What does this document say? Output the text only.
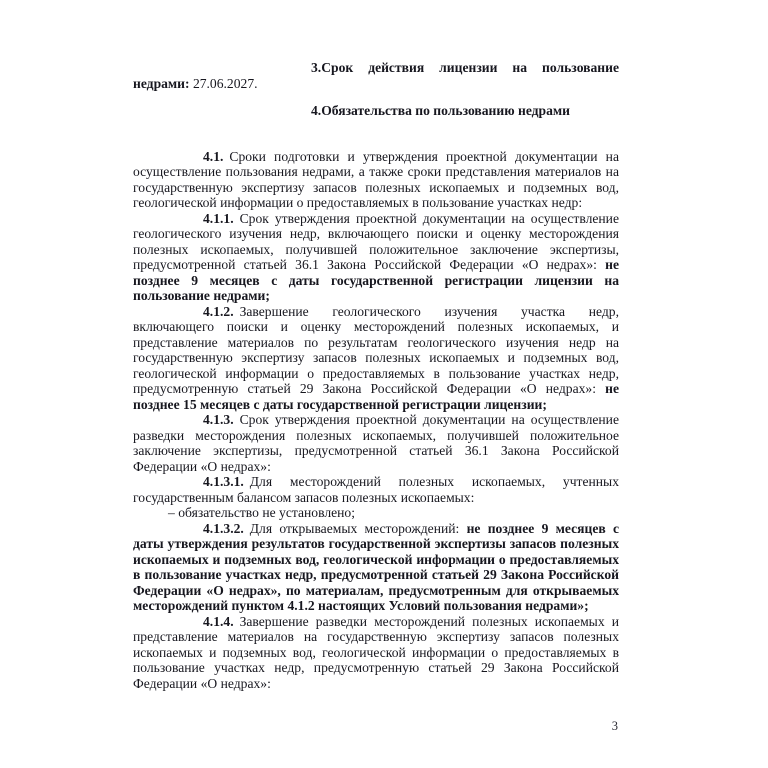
3.Срок действия лицензии на пользование недрами: 27.06.2027.

4.Обязательства по пользованию недрами

4.1. Сроки подготовки и утверждения проектной документации на осуществление пользования недрами, а также сроки представления материалов на государственную экспертизу запасов полезных ископаемых и подземных вод, геологической информации о предоставляемых в пользование участках недр:

4.1.1. Срок утверждения проектной документации на осуществление геологического изучения недр, включающего поиски и оценку месторождения полезных ископаемых, получившей положительное заключение экспертизы, предусмотренной статьей 36.1 Закона Российской Федерации «О недрах»: не позднее 9 месяцев с даты государственной регистрации лицензии на пользование недрами;

4.1.2. Завершение геологического изучения участка недр, включающего поиски и оценку месторождений полезных ископаемых, и представление материалов по результатам геологического изучения недр на государственную экспертизу запасов полезных ископаемых и подземных вод, геологической информации о предоставляемых в пользование участках недр, предусмотренную статьей 29 Закона Российской Федерации «О недрах»: не позднее 15 месяцев с даты государственной регистрации лицензии;

4.1.3. Срок утверждения проектной документации на осуществление разведки месторождения полезных ископаемых, получившей положительное заключение экспертизы, предусмотренной статьей 36.1 Закона Российской Федерации «О недрах»:

4.1.3.1. Для месторождений полезных ископаемых, учтенных государственным балансом запасов полезных ископаемых:

– обязательство не установлено;

4.1.3.2. Для открываемых месторождений: не позднее 9 месяцев с даты утверждения результатов государственной экспертизы запасов полезных ископаемых и подземных вод, геологической информации о предоставляемых в пользование участках недр, предусмотренной статьей 29 Закона Российской Федерации «О недрах», по материалам, предусмотренным для открываемых месторождений пунктом 4.1.2 настоящих Условий пользования недрами»;

4.1.4. Завершение разведки месторождений полезных ископаемых и представление материалов на государственную экспертизу запасов полезных ископаемых и подземных вод, геологической информации о предоставляемых в пользование участках недр, предусмотренную статьей 29 Закона Российской Федерации «О недрах»:

3
